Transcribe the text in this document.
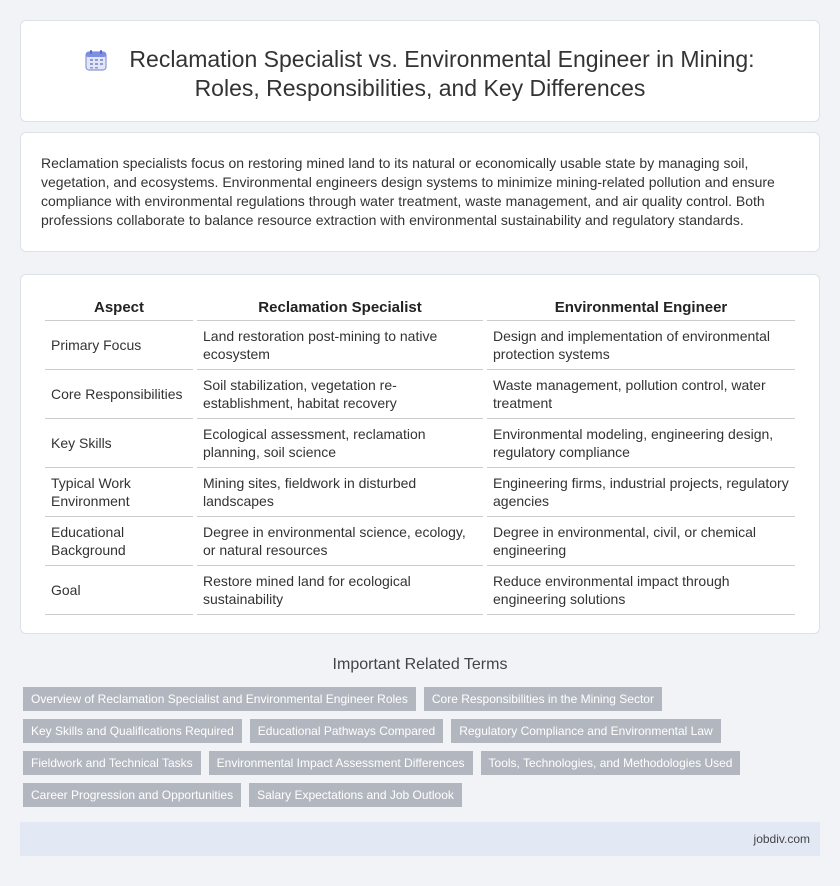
Reclamation Specialist vs. Environmental Engineer in Mining:
Roles, Responsibilities, and Key Differences

Reclamation specialists focus on restoring mined land to its natural or economically usable state by managing soil, vegetation, and ecosystems. Environmental engineers design systems to minimize mining-related pollution and ensure compliance with environmental regulations through water treatment, waste management, and air quality control. Both professions collaborate to balance resource extraction with environmental sustainability and regulatory standards.

Aspect	Reclamation Specialist	Environmental Engineer
Primary Focus	Land restoration post-mining to native ecosystem	Design and implementation of environmental protection systems
Core Responsibilities	Soil stabilization, vegetation re-establishment, habitat recovery	Waste management, pollution control, water treatment
Key Skills	Ecological assessment, reclamation planning, soil science	Environmental modeling, engineering design, regulatory compliance
Typical Work Environment	Mining sites, fieldwork in disturbed landscapes	Engineering firms, industrial projects, regulatory agencies
Educational Background	Degree in environmental science, ecology, or natural resources	Degree in environmental, civil, or chemical engineering
Goal	Restore mined land for ecological sustainability	Reduce environmental impact through engineering solutions
Important Related Terms
Overview of Reclamation Specialist and Environmental Engineer Roles	Core Responsibilities in the Mining Sector
Key Skills and Qualifications Required	Educational Pathways Compared	Regulatory Compliance and Environmental Law
Fieldwork and Technical Tasks	Environmental Impact Assessment Differences	Tools, Technologies, and Methodologies Used
Career Progression and Opportunities	Salary Expectations and Job Outlook
jobdiv.com
